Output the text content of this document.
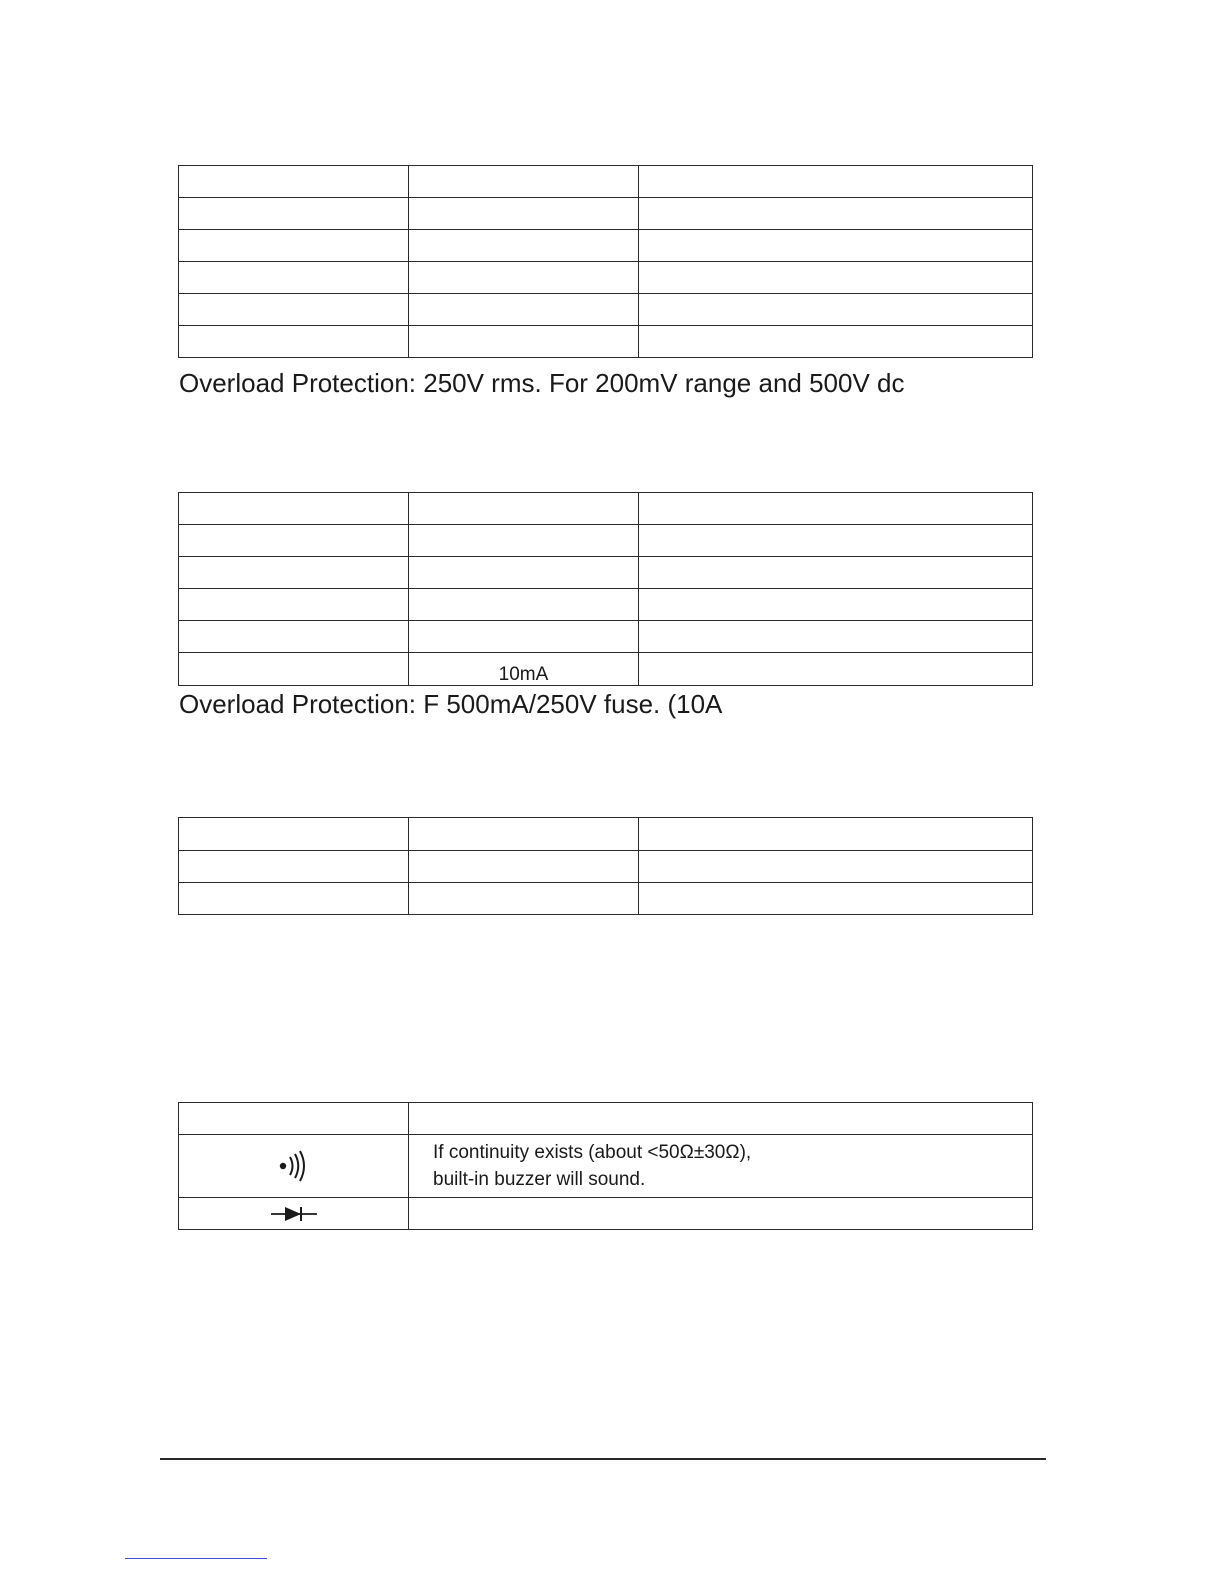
Overload Protection: 250V rms. For 200mV range and 500V dc

	10mA	
Overload Protection: F 500mA/250V fuse. (10A

If continuity exists (about <50Ω±30Ω),
built-in buzzer will sound.
